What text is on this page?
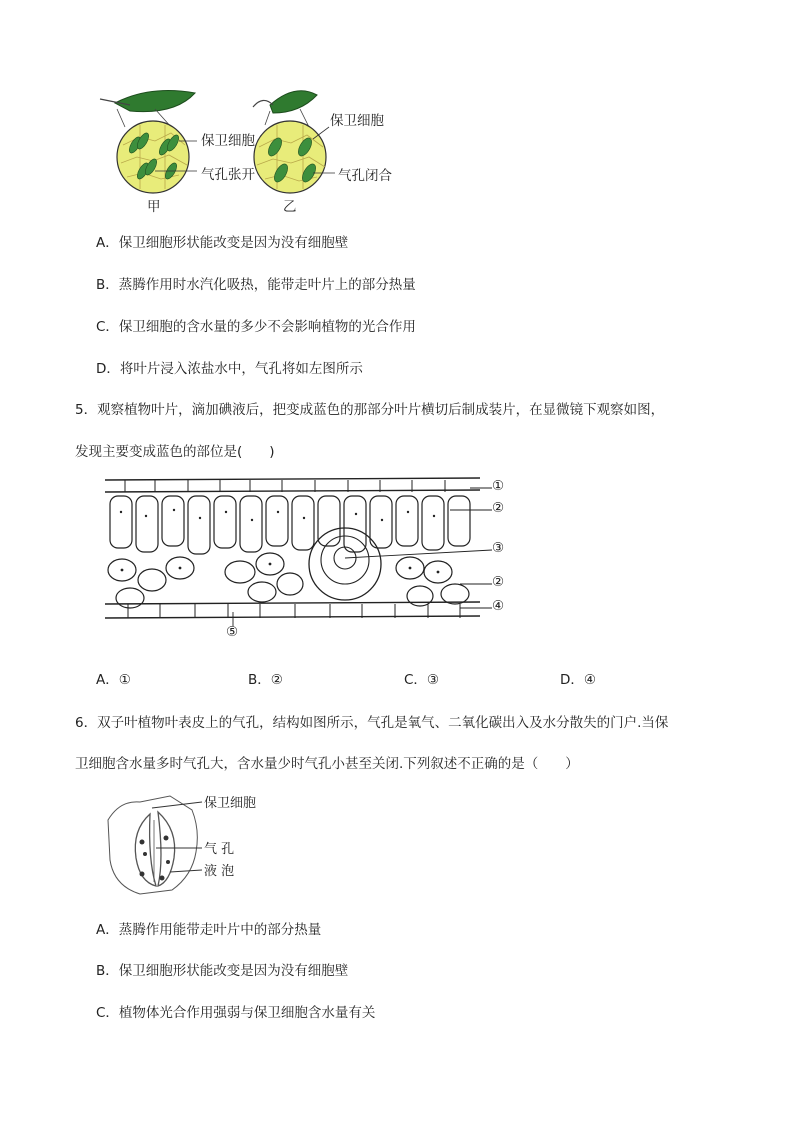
保卫细胞
气孔张开
保卫细胞
气孔闭合
甲	乙
A．保卫细胞形状能改变是因为没有细胞壁
B．蒸腾作用时水汽化吸热，能带走叶片上的部分热量
C．保卫细胞的含水量的多少不会影响植物的光合作用
D．将叶片浸入浓盐水中，气孔将如左图所示
5．观察植物叶片，滴加碘液后，把变成蓝色的那部分叶片横切后制成装片，在显微镜下观察如图，
发现主要变成蓝色的部位是(　　)
①
②
③
②
④
⑤
A．①	B．②	C．③	D．④
6．双子叶植物叶表皮上的气孔，结构如图所示，气孔是氧气、二氧化碳出入及水分散失的门户.当保
卫细胞含水量多时气孔大，含水量少时气孔小甚至关闭.下列叙述不正确的是（　　）
保卫细胞
气 孔
液 泡
A．蒸腾作用能带走叶片中的部分热量
B．保卫细胞形状能改变是因为没有细胞壁
C．植物体光合作用强弱与保卫细胞含水量有关
